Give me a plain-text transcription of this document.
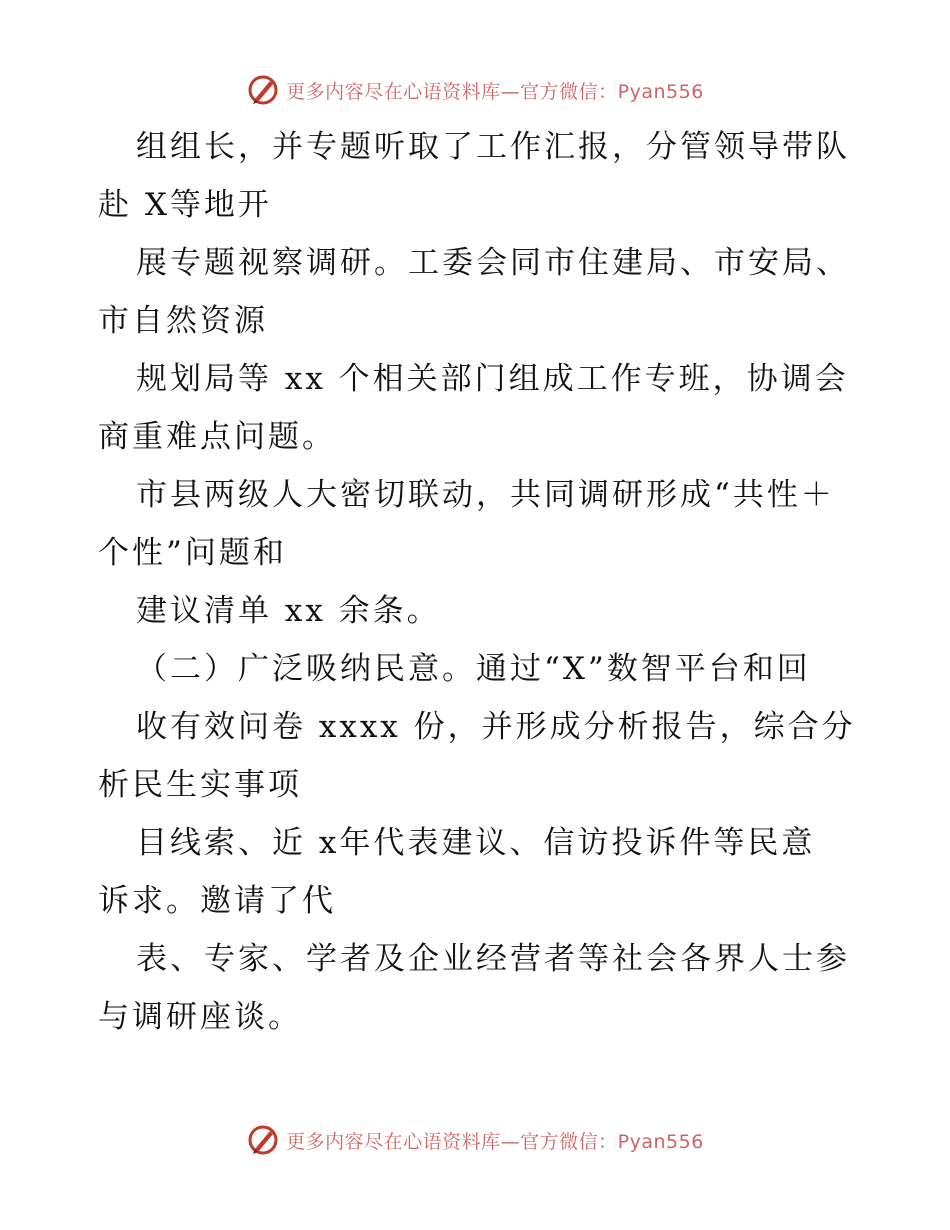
更多内容尽在心语资料库—官方微信：Pyan556

组组长，并专题听取了工作汇报，分管领导带队

赴 X等地开

展专题视察调研。工委会同市住建局、市安局、

市自然资源

规划局等 xx 个相关部门组成工作专班，协调会

商重难点问题。

市县两级人大密切联动，共同调研形成“共性＋

个性”问题和

建议清单 xx 余条。

（二）广泛吸纳民意。通过“X”数智平台和回

收有效问卷 xxxx 份，并形成分析报告，综合分

析民生实事项

目线索、近 x年代表建议、信访投诉件等民意

诉求。邀请了代

表、专家、学者及企业经营者等社会各界人士参

与调研座谈。

更多内容尽在心语资料库—官方微信：Pyan556
